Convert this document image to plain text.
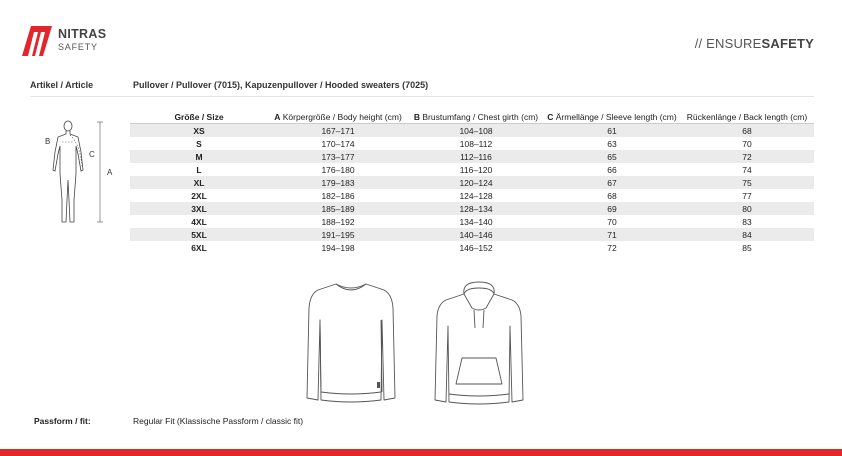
NITRAS
SAFETY	// ENSURESAFETY
Artikel / Article	Pullover / Pullover (7015), Kapuzenpullover / Hooded sweaters (7025)
A
B
C
Größe / Size	A Körpergröße / Body height (cm)	B Brustumfang / Chest girth (cm)	C Ärmellänge / Sleeve length (cm)	Rückenlänge / Back length (cm)
XS	167–171	104–108	61	68
S	170–174	108–112	63	70
M	173–177	112–116	65	72
L	176–180	116–120	66	74
XL	179–183	120–124	67	75
2XL	182–186	124–128	68	77
3XL	185–189	128–134	69	80
4XL	188–192	134–140	70	83
5XL	191–195	140–146	71	84
6XL	194–198	146–152	72	85
Passform / fit:	Regular Fit (Klassische Passform / classic fit)
